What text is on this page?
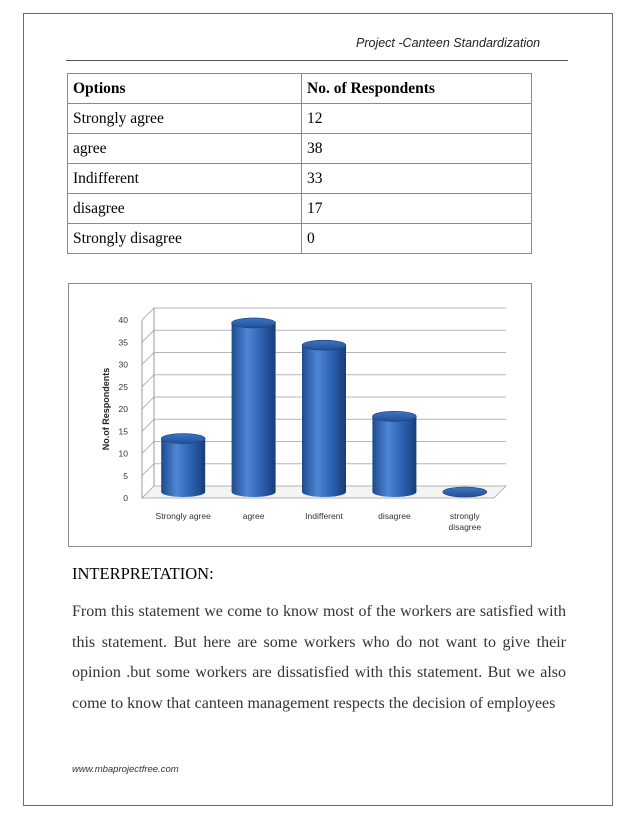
Project -Canteen Standardization
Options	No. of Respondents
Strongly agree	12
agree	38
Indifferent	33
disagree	17
Strongly disagree	0
0
5
10
15
20
25
30
35
40
No.of Respondents
Strongly agree	agree	Indifferent	disagree	strongly
disagree
INTERPRETATION:
From this statement we come to know most of the workers are satisfied with this statement. But here are some workers who do not want to give their opinion .but some workers are dissatisfied with this statement. But we also come to know that canteen management respects the decision of employees
www.mbaprojectfree.com
